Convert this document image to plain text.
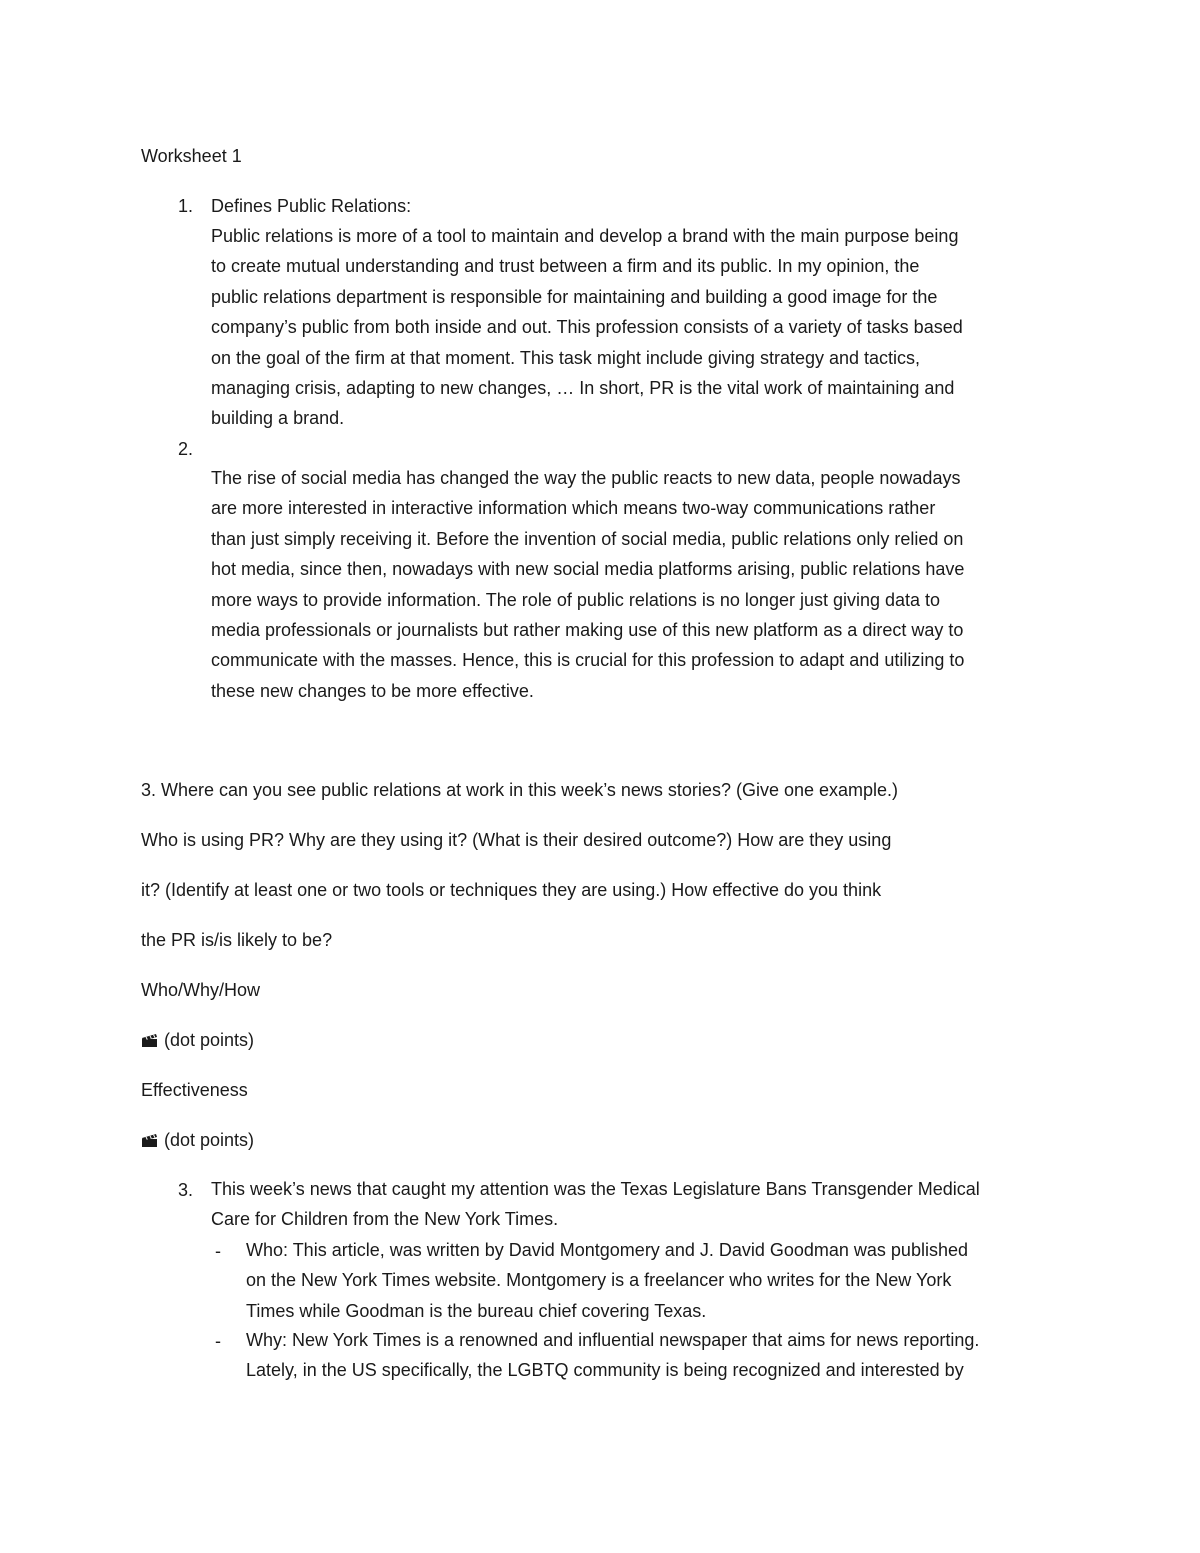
Worksheet 1
1. Defines Public Relations:
Public relations is more of a tool to maintain and develop a brand with the main purpose being
to create mutual understanding and trust between a firm and its public. In my opinion, the
public relations department is responsible for maintaining and building a good image for the
company’s public from both inside and out. This profession consists of a variety of tasks based
on the goal of the firm at that moment. This task might include giving strategy and tactics,
managing crisis, adapting to new changes, … In short, PR is the vital work of maintaining and
building a brand.
2.
The rise of social media has changed the way the public reacts to new data, people nowadays
are more interested in interactive information which means two-way communications rather
than just simply receiving it. Before the invention of social media, public relations only relied on
hot media, since then, nowadays with new social media platforms arising, public relations have
more ways to provide information. The role of public relations is no longer just giving data to
media professionals or journalists but rather making use of this new platform as a direct way to
communicate with the masses. Hence, this is crucial for this profession to adapt and utilizing to
these new changes to be more effective.
3. Where can you see public relations at work in this week’s news stories? (Give one example.)
Who is using PR? Why are they using it? (What is their desired outcome?) How are they using
it? (Identify at least one or two tools or techniques they are using.) How effective do you think
the PR is/is likely to be?
Who/Why/How
(dot points)
Effectiveness
(dot points)
3. This week’s news that caught my attention was the Texas Legislature Bans Transgender Medical
Care for Children from the New York Times.
- Who: This article, was written by David Montgomery and J. David Goodman was published
on the New York Times website. Montgomery is a freelancer who writes for the New York
Times while Goodman is the bureau chief covering Texas.
- Why: New York Times is a renowned and influential newspaper that aims for news reporting.
Lately, in the US specifically, the LGBTQ community is being recognized and interested by
